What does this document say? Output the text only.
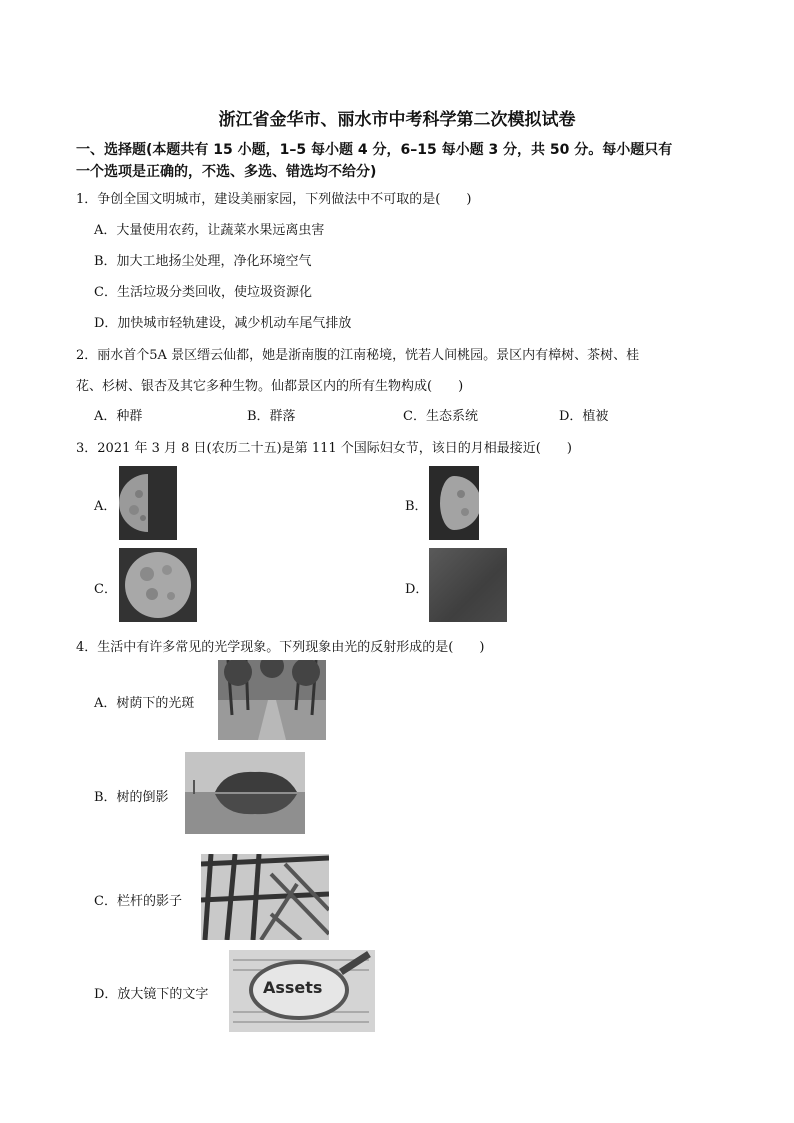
浙江省金华市、丽水市中考科学第二次模拟试卷
一、选择题(本题共有 15 小题，1–5 每小题 4 分，6–15 每小题 3 分，共 50 分。每小题只有
一个选项是正确的，不选、多选、错选均不给分)
1．争创全国文明城市，建设美丽家园，下列做法中不可取的是(　　)
A．大量使用农药，让蔬菜水果远离虫害
B．加大工地扬尘处理，净化环境空气
C．生活垃圾分类回收，使垃圾资源化
D．加快城市轻轨建设，减少机动车尾气排放
2．丽水首个5A 景区缙云仙都，她是浙南腹的江南秘境，恍若人间桃园。景区内有樟树、茶树、桂
花、杉树、银杏及其它多种生物。仙都景区内的所有生物构成(　　)
A．种群	B．群落	C．生态系统	D．植被
3．2021 年 3 月 8 日(农历二十五)是第 111 个国际妇女节，该日的月相最接近(　　)
A．	B．
C．	D．
4．生活中有许多常见的光学现象。下列现象由光的反射形成的是(　　)
A．树荫下的光斑
B．树的倒影
C．栏杆的影子
D．放大镜下的文字	Assets
